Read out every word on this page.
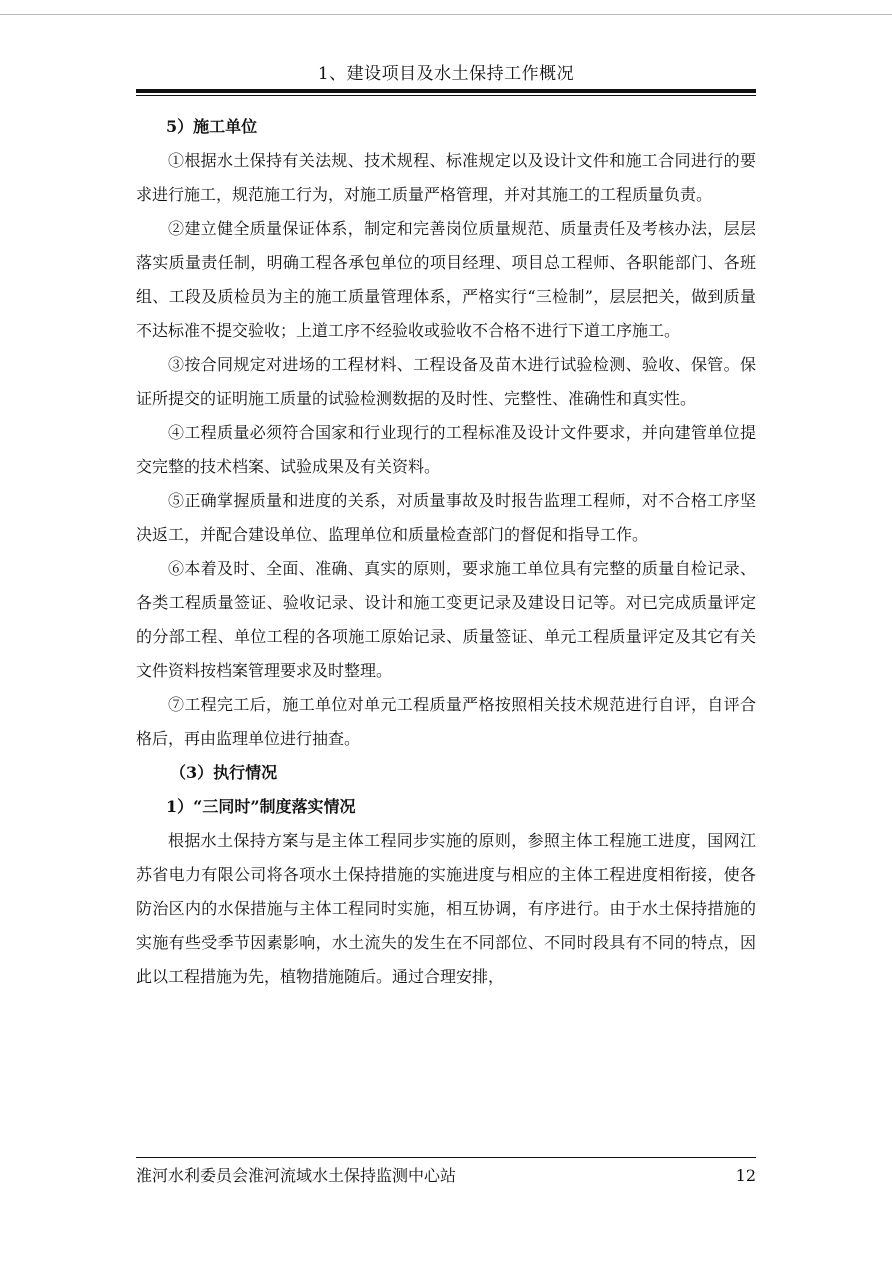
1、建设项目及水土保持工作概况

5）施工单位

①根据水土保持有关法规、技术规程、标准规定以及设计文件和施工合同进行的要求进行施工，规范施工行为，对施工质量严格管理，并对其施工的工程质量负责。

②建立健全质量保证体系，制定和完善岗位质量规范、质量责任及考核办法，层层落实质量责任制，明确工程各承包单位的项目经理、项目总工程师、各职能部门、各班组、工段及质检员为主的施工质量管理体系，严格实行“三检制”，层层把关，做到质量不达标准不提交验收；上道工序不经验收或验收不合格不进行下道工序施工。

③按合同规定对进场的工程材料、工程设备及苗木进行试验检测、验收、保管。保证所提交的证明施工质量的试验检测数据的及时性、完整性、准确性和真实性。

④工程质量必须符合国家和行业现行的工程标准及设计文件要求，并向建管单位提交完整的技术档案、试验成果及有关资料。

⑤正确掌握质量和进度的关系，对质量事故及时报告监理工程师，对不合格工序坚决返工，并配合建设单位、监理单位和质量检查部门的督促和指导工作。

⑥本着及时、全面、准确、真实的原则，要求施工单位具有完整的质量自检记录、各类工程质量签证、验收记录、设计和施工变更记录及建设日记等。对已完成质量评定的分部工程、单位工程的各项施工原始记录、质量签证、单元工程质量评定及其它有关文件资料按档案管理要求及时整理。

⑦工程完工后，施工单位对单元工程质量严格按照相关技术规范进行自评，自评合格后，再由监理单位进行抽查。

（3）执行情况

1）“三同时”制度落实情况

根据水土保持方案与是主体工程同步实施的原则，参照主体工程施工进度，国网江苏省电力有限公司将各项水土保持措施的实施进度与相应的主体工程进度相衔接，使各防治区内的水保措施与主体工程同时实施，相互协调，有序进行。由于水土保持措施的实施有些受季节因素影响，水土流失的发生在不同部位、不同时段具有不同的特点，因此以工程措施为先，植物措施随后。通过合理安排，

淮河水利委员会淮河流域水土保持监测中心站	12
